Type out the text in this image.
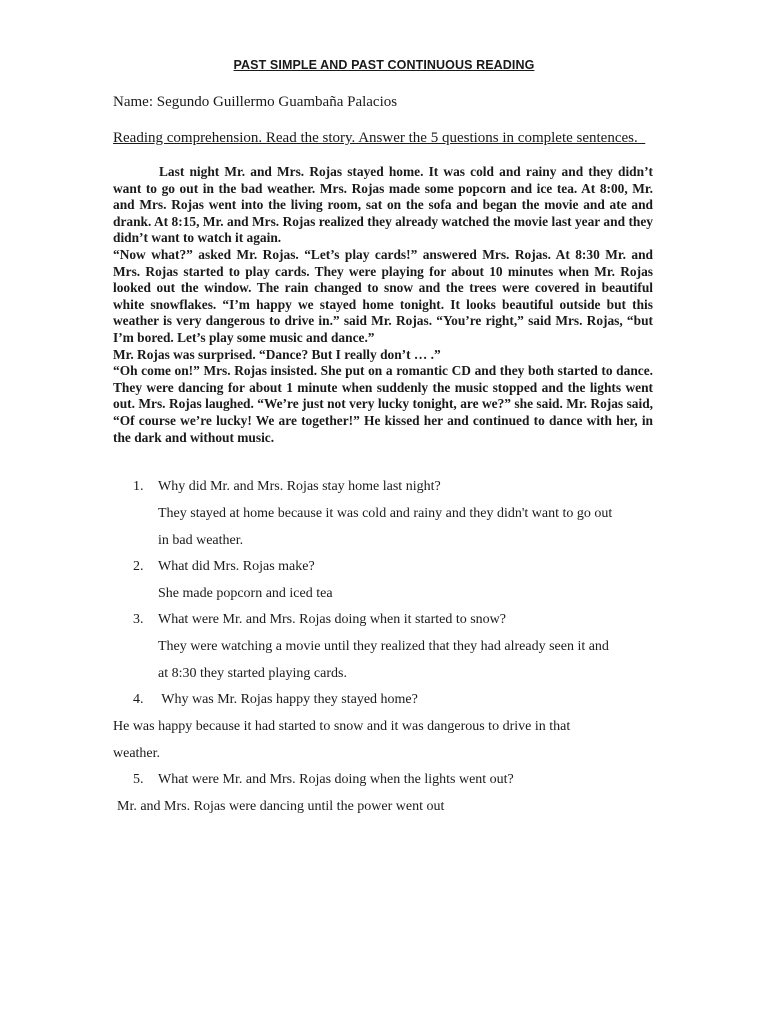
PAST SIMPLE AND PAST CONTINUOUS READING
Name: Segundo Guillermo Guambaña Palacios
Reading comprehension. Read the story. Answer the 5 questions in complete sentences.
Last night Mr. and Mrs. Rojas stayed home. It was cold and rainy and they didn’t want to go out in the bad weather. Mrs. Rojas made some popcorn and ice tea. At 8:00, Mr. and Mrs. Rojas went into the living room, sat on the sofa and began the movie and ate and drank. At 8:15, Mr. and Mrs. Rojas realized they already watched the movie last year and they didn’t want to watch it again.
“Now what?” asked Mr. Rojas. “Let’s play cards!” answered Mrs. Rojas. At 8:30 Mr. and Mrs. Rojas started to play cards. They were playing for about 10 minutes when Mr. Rojas looked out the window. The rain changed to snow and the trees were covered in beautiful white snowflakes. “I’m happy we stayed home tonight. It looks beautiful outside but this weather is very dangerous to drive in.” said Mr. Rojas. “You’re right,” said Mrs. Rojas, “but I’m bored. Let’s play some music and dance.”
Mr. Rojas was surprised. “Dance? But I really don’t … .”
“Oh come on!” Mrs. Rojas insisted. She put on a romantic CD and they both started to dance. They were dancing for about 1 minute when suddenly the music stopped and the lights went out. Mrs. Rojas laughed. “We’re just not very lucky tonight, are we?” she said. Mr. Rojas said, “Of course we’re lucky! We are together!” He kissed her and continued to dance with her, in the dark and without music.
1. Why did Mr. and Mrs. Rojas stay home last night?
They stayed at home because it was cold and rainy and they didn't want to go out
in bad weather.
2. What did Mrs. Rojas make?
She made popcorn and iced tea
3. What were Mr. and Mrs. Rojas doing when it started to snow?
They were watching a movie until they realized that they had already seen it and
at 8:30 they started playing cards.
4. Why was Mr. Rojas happy they stayed home?
He was happy because it had started to snow and it was dangerous to drive in that
weather.
5. What were Mr. and Mrs. Rojas doing when the lights went out?
Mr. and Mrs. Rojas were dancing until the power went out
